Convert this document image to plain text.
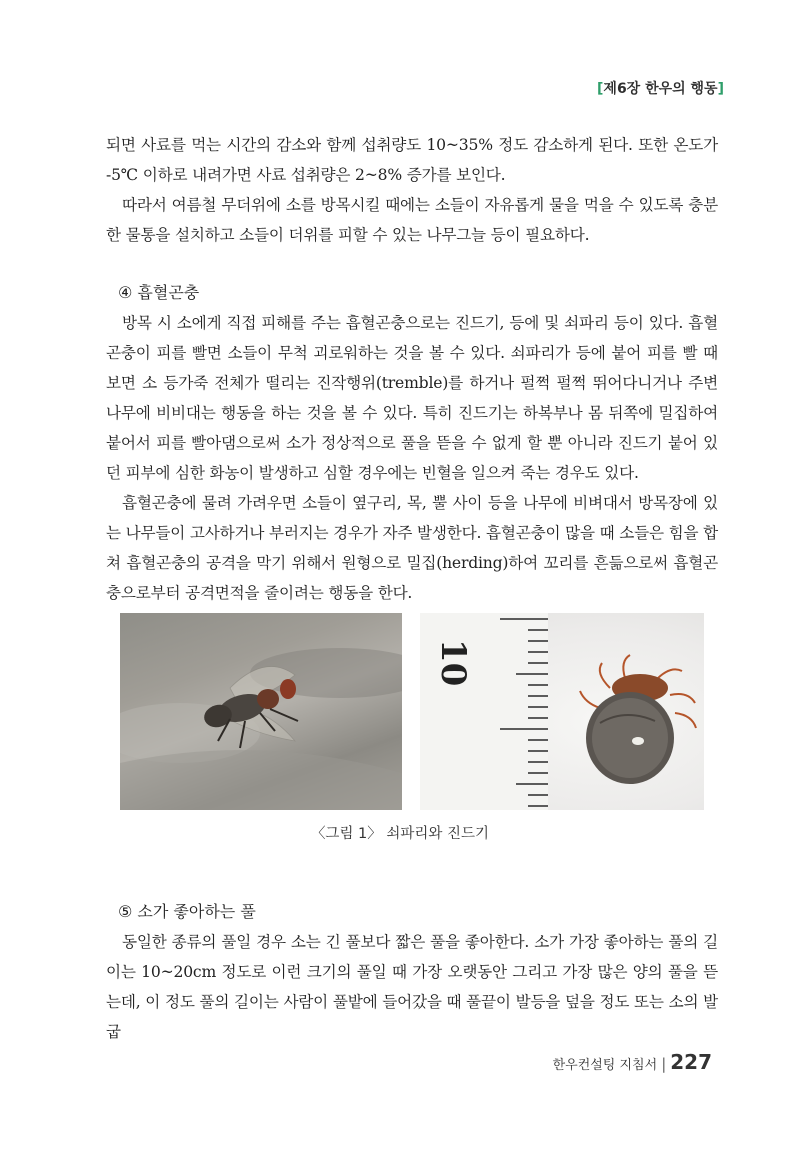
[제6장 한우의 행동]

되면 사료를 먹는 시간의 감소와 함께 섭취량도 10~35% 정도 감소하게 된다. 또한 온도가 -5℃ 이하로 내려가면 사료 섭취량은 2~8% 증가를 보인다.

따라서 여름철 무더위에 소를 방목시킬 때에는 소들이 자유롭게 물을 먹을 수 있도록 충분한 물통을 설치하고 소들이 더위를 피할 수 있는 나무그늘 등이 필요하다.

④ 흡혈곤충

방목 시 소에게 직접 피해를 주는 흡혈곤충으로는 진드기, 등에 및 쇠파리 등이 있다. 흡혈곤충이 피를 빨면 소들이 무척 괴로워하는 것을 볼 수 있다. 쇠파리가 등에 붙어 피를 빨 때 보면 소 등가죽 전체가 떨리는 진작행위(tremble)를 하거나 펄쩍 펄쩍 뛰어다니거나 주변 나무에 비비대는 행동을 하는 것을 볼 수 있다. 특히 진드기는 하복부나 몸 뒤쪽에 밀집하여 붙어서 피를 빨아댐으로써 소가 정상적으로 풀을 뜯을 수 없게 할 뿐 아니라 진드기 붙어 있던 피부에 심한 화농이 발생하고 심할 경우에는 빈혈을 일으켜 죽는 경우도 있다.

흡혈곤충에 물려 가려우면 소들이 옆구리, 목, 뿔 사이 등을 나무에 비벼대서 방목장에 있는 나무들이 고사하거나 부러지는 경우가 자주 발생한다. 흡혈곤충이 많을 때 소들은 힘을 합쳐 흡혈곤충의 공격을 막기 위해서 원형으로 밀집(herding)하여 꼬리를 흔듦으로써 흡혈곤충으로부터 공격면적을 줄이려는 행동을 한다.

10
〈그림 1〉 쇠파리와 진드기
⑤ 소가 좋아하는 풀

동일한 종류의 풀일 경우 소는 긴 풀보다 짧은 풀을 좋아한다. 소가 가장 좋아하는 풀의 길이는 10~20cm 정도로 이런 크기의 풀일 때 가장 오랫동안 그리고 가장 많은 양의 풀을 뜯는데, 이 정도 풀의 길이는 사람이 풀밭에 들어갔을 때 풀끝이 발등을 덮을 정도 또는 소의 발굽

한우컨설팅 지침서 | 227
